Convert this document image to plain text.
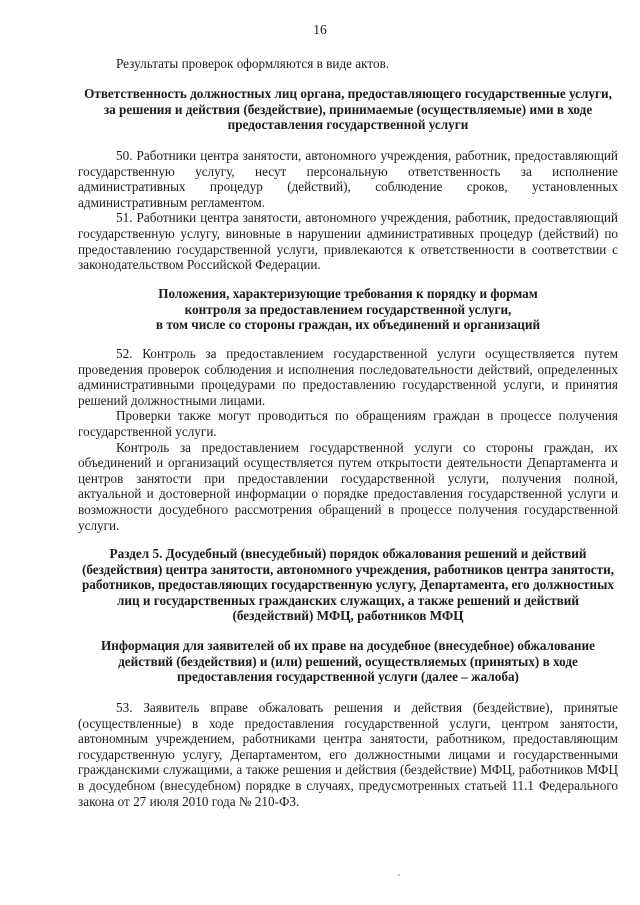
16

Результаты проверок оформляются в виде актов.

Ответственность должностных лиц органа, предоставляющего государственные услуги, за решения и действия (бездействие), принимаемые (осуществляемые) ими в ходе предоставления государственной услуги

50. Работники центра занятости, автономного учреждения, работник, предоставляющий государственную услугу, несут персональную ответственность за исполнение административных процедур (действий), соблюдение сроков, установленных административным регламентом.

51. Работники центра занятости, автономного учреждения, работник, предоставляющий государственную услугу, виновные в нарушении административных процедур (действий) по предоставлению государственной услуги, привлекаются к ответственности в соответствии с законодательством Российской Федерации.

Положения, характеризующие требования к порядку и формам

контроля за предоставлением государственной услуги,

в том числе со стороны граждан, их объединений и организаций

52. Контроль за предоставлением государственной услуги осуществляется путем проведения проверок соблюдения и исполнения последовательности действий, определенных административными процедурами по предоставлению государственной услуги, и принятия решений должностными лицами.

Проверки также могут проводиться по обращениям граждан в процессе получения государственной услуги.

Контроль за предоставлением государственной услуги со стороны граждан, их объединений и организаций осуществляется путем открытости деятельности Департамента и центров занятости при предоставлении государственной услуги, получения полной, актуальной и достоверной информации о порядке предоставления государственной услуги и возможности досудебного рассмотрения обращений в процессе получения государственной услуги.

Раздел 5. Досудебный (внесудебный) порядок обжалования решений и действий (бездействия) центра занятости, автономного учреждения, работников центра занятости, работников, предоставляющих государственную услугу, Департамента, его должностных лиц и государственных гражданских служащих, а также решений и действий (бездействий) МФЦ, работников МФЦ

Информация для заявителей об их праве на досудебное (внесудебное) обжалование действий (бездействия) и (или) решений, осуществляемых (принятых) в ходе предоставления государственной услуги (далее – жалоба)

53. Заявитель вправе обжаловать решения и действия (бездействие), принятые (осуществленные) в ходе предоставления государственной услуги, центром занятости, автономным учреждением, работниками центра занятости, работником, предоставляющим государственную услугу, Департаментом, его должностными лицами и государственными гражданскими служащими, а также решения и действия (бездействие) МФЦ, работников МФЦ в досудебном (внесудебном) порядке в случаях, предусмотренных статьей 11.1 Федерального закона от 27 июля 2010 года № 210-ФЗ.
